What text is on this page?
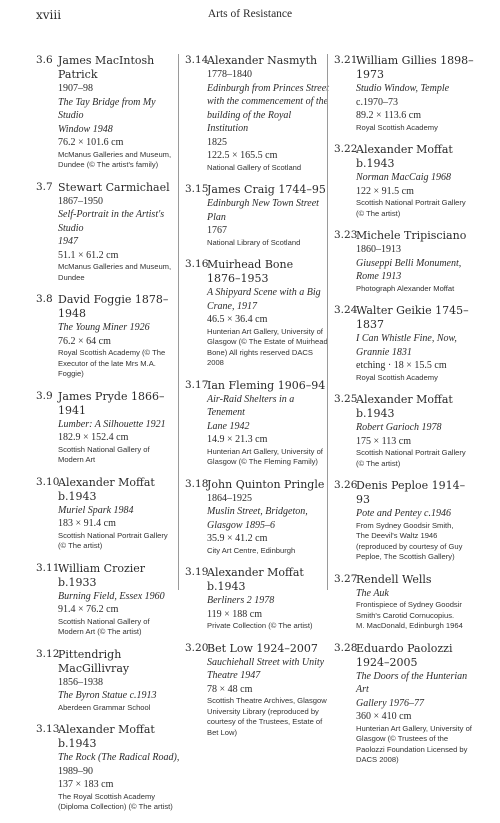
xviii	Arts of Resistance
3.6 James MacIntosh Patrick
1907–98
The Tay Bridge from My Studio
Window 1948
76.2 × 101.6 cm
McManus Galleries and Museum,
Dundee (© The artist's family)
3.7 Stewart Carmichael
1867–1950
Self-Portrait in the Artist's Studio
1947
51.1 × 61.2 cm
McManus Galleries and Museum,
Dundee
3.8 David Foggie 1878–1948
The Young Miner 1926
76.2 × 64 cm
Royal Scottish Academy (© The
Executor of the late Mrs M.A. Foggie)
3.9 James Pryde 1866–1941
Lumber: A Silhouette 1921
182.9 × 152.4 cm
Scottish National Gallery of
Modern Art
3.10
Alexander Moffat b.1943
Muriel Spark 1984
183 × 91.4 cm
Scottish National Portrait Gallery
(© The artist)
3.11
William Crozier b.1933
Burning Field, Essex 1960
91.4 × 76.2 cm
Scottish National Gallery of
Modern Art (© The artist)
3.12
Pittendrigh MacGillivray
1856–1938
The Byron Statue c.1913
Aberdeen Grammar School
3.13
Alexander Moffat b.1943
The Rock (The Radical Road),
1989–90
137 × 183 cm
The Royal Scottish Academy
(Diploma Collection) (© The artist)
3.14
Alexander Nasmyth
1778–1840
Edinburgh from Princes Street
with the commencement of the
building of the Royal Institution
1825
122.5 × 165.5 cm
National Gallery of Scotland
3.15
James Craig 1744–95
Edinburgh New Town Street Plan
1767
National Library of Scotland
3.16
Muirhead Bone 1876–1953
A Shipyard Scene with a Big
Crane, 1917
46.5 × 36.4 cm
Hunterian Art Gallery, University of
Glasgow (© The Estate of Muirhead
Bone) All rights reserved DACS
2008
3.17
Ian Fleming 1906–94
Air-Raid Shelters in a Tenement
Lane 1942
14.9 × 21.3 cm
Hunterian Art Gallery, University of
Glasgow (© The Fleming Family)
3.18
John Quinton Pringle
1864–1925
Muslin Street, Bridgeton,
Glasgow 1895–6
35.9 × 41.2 cm
City Art Centre, Edinburgh
3.19
Alexander Moffat b.1943
Berliners 2 1978
119 × 188 cm
Private Collection (© The artist)
3.20
Bet Low 1924–2007
Sauchiehall Street with Unity
Theatre 1947
78 × 48 cm
Scottish Theatre Archives, Glasgow
University Library (reproduced by
courtesy of the Trustees, Estate of
Bet Low)
3.21
William Gillies 1898–1973
Studio Window, Temple
c.1970–73
89.2 × 113.6 cm
Royal Scottish Academy
3.22
Alexander Moffat b.1943
Norman MacCaig 1968
122 × 91.5 cm
Scottish National Portrait Gallery
(© The artist)
3.23
Michele Tripisciano
1860–1913
Giuseppi Belli Monument,
Rome 1913
Photograph Alexander Moffat
3.24
Walter Geikie 1745–1837
I Can Whistle Fine, Now,
Grannie 1831
etching · 18 × 15.5 cm
Royal Scottish Academy
3.25
Alexander Moffat b.1943
Robert Garioch 1978
175 × 113 cm
Scottish National Portrait Gallery
(© The artist)
3.26
Denis Peploe 1914–93
Pote and Pentey c.1946
From Sydney Goodsir Smith,
The Deevil's Waltz 1946
(reproduced by courtesy of Guy
Peploe, The Scottish Gallery)
3.27
Rendell Wells
The Auk
Frontispiece of Sydney Goodsir
Smith's Carotid Cornucopius.
M. MacDonald, Edinburgh 1964
3.28
Eduardo Paolozzi 1924–2005
The Doors of the Hunterian Art
Gallery 1976–77
360 × 410 cm
Hunterian Art Gallery, University of
Glasgow (© Trustees of the
Paolozzi Foundation Licensed by
DACS 2008)
